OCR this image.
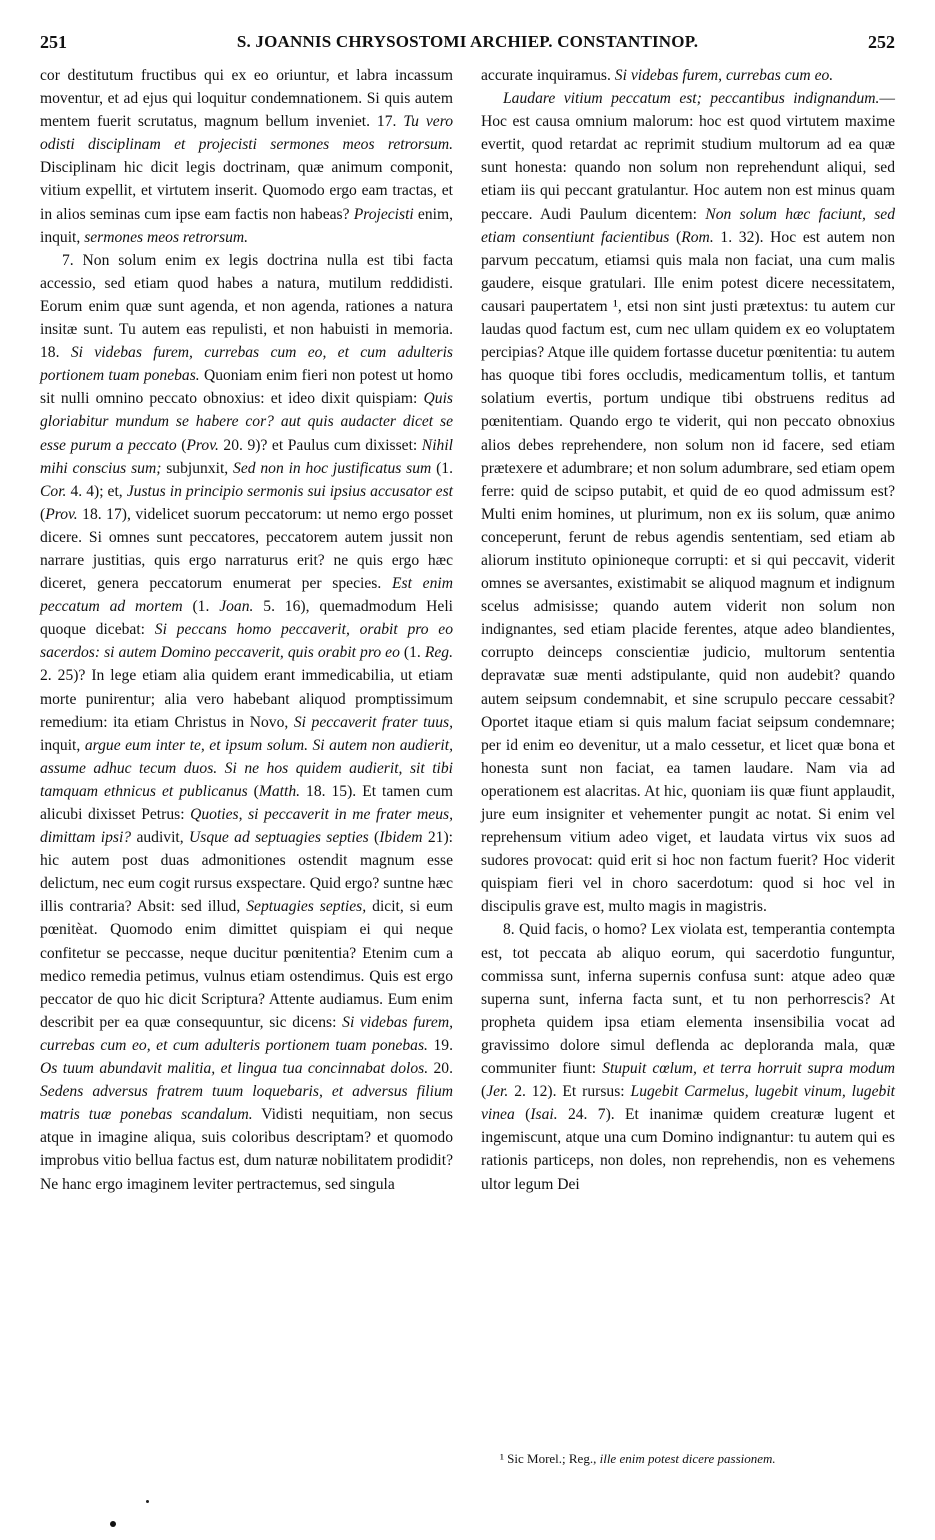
251	S. JOANNIS CHRYSOSTOMI ARCHIEP. CONSTANTINOP.	252

cor destitutum fructibus qui ex eo oriuntur, et labra incassum moventur, et ad ejus qui loquitur condemnationem. Si quis autem mentem fuerit scrutatus, magnum bellum inveniet. 17. Tu vero odisti disciplinam et projecisti sermones meos retrorsum. Disciplinam hic dicit legis doctrinam, quæ animum componit, vitium expellit, et virtutem inserit. Quomodo ergo eam tractas, et in alios seminas cum ipse eam factis non habeas? Projecisti enim, inquit, sermones meos retrorsum.

7. Non solum enim ex legis doctrina nulla est tibi facta accessio, sed etiam quod habes a natura, mutilum reddidisti. Eorum enim quæ sunt agenda, et non agenda, rationes a natura insitæ sunt. Tu autem eas repulisti, et non habuisti in memoria. 18. Si videbas furem, currebas cum eo, et cum adulteris portionem tuam ponebas. Quoniam enim fieri non potest ut homo sit nulli omnino peccato obnoxius: et ideo dixit quispiam: Quis gloriabitur mundum se habere cor? aut quis audacter dicet se esse purum a peccato (Prov. 20. 9)? et Paulus cum dixisset: Nihil mihi conscius sum; subjunxit, Sed non in hoc justificatus sum (1. Cor. 4. 4); et, Justus in principio sermonis sui ipsius accusator est (Prov. 18. 17), videlicet suorum peccatorum: ut nemo ergo posset dicere. Si omnes sunt peccatores, peccatorem autem jussit non narrare justitias, quis ergo narraturus erit? ne quis ergo hæc diceret, genera peccatorum enumerat per species. Est enim peccatum ad mortem (1. Joan. 5. 16), quemadmodum Heli quoque dicebat: Si peccans homo peccaverit, orabit pro eo sacerdos: si autem Domino peccaverit, quis orabit pro eo (1. Reg. 2. 25)? In lege etiam alia quidem erant immedicabilia, ut etiam morte punirentur; alia vero habebant aliquod promptissimum remedium: ita etiam Christus in Novo, Si peccaverit frater tuus, inquit, argue eum inter te, et ipsum solum. Si autem non audierit, assume adhuc tecum duos. Si ne hos quidem audierit, sit tibi tamquam ethnicus et publicanus (Matth. 18. 15). Et tamen cum alicubi dixisset Petrus: Quoties, si peccaverit in me frater meus, dimittam ipsi? audivit, Usque ad septuagies septies (Ibidem 21): hic autem post duas admonitiones ostendit magnum esse delictum, nec eum cogit rursus exspectare. Quid ergo? suntne hæc illis contraria? Absit: sed illud, Septuagies septies, dicit, si eum pœnitèat. Quomodo enim dimittet quispiam ei qui neque confitetur se peccasse, neque ducitur pœnitentia? Etenim cum a medico remedia petimus, vulnus etiam ostendimus. Quis est ergo peccator de quo hic dicit Scriptura? Attente audiamus. Eum enim describit per ea quæ consequuntur, sic dicens: Si videbas furem, currebas cum eo, et cum adulteris portionem tuam ponebas. 19. Os tuum abundavit malitia, et lingua tua concinnabat dolos. 20. Sedens adversus fratrem tuum loquebaris, et adversus filium matris tuæ ponebas scandalum. Vidisti nequitiam, non secus atque in imagine aliqua, suis coloribus descriptam? et quomodo improbus vitio bellua factus est, dum naturæ nobilitatem prodidit? Ne hanc ergo imaginem leviter pertractemus, sed singula

accurate inquiramus. Si videbas furem, currebas cum eo.

Laudare vitium peccatum est; peccantibus indignandum.—Hoc est causa omnium malorum: hoc est quod virtutem maxime evertit, quod retardat ac reprimit studium multorum ad ea quæ sunt honesta: quando non solum non reprehendunt aliqui, sed etiam iis qui peccant gratulantur. Hoc autem non est minus quam peccare. Audi Paulum dicentem: Non solum hæc faciunt, sed etiam consentiunt facientibus (Rom. 1. 32). Hoc est autem non parvum peccatum, etiamsi quis mala non faciat, una cum malis gaudere, eisque gratulari. Ille enim potest dicere necessitatem, causari paupertatem ¹, etsi non sint justi prætextus: tu autem cur laudas quod factum est, cum nec ullam quidem ex eo voluptatem percipias? Atque ille quidem fortasse ducetur pœnitentia: tu autem has quoque tibi fores occludis, medicamentum tollis, et tantum solatium evertis, portum undique tibi obstruens reditus ad pœnitentiam. Quando ergo te viderit, qui non peccato obnoxius alios debes reprehendere, non solum non id facere, sed etiam prætexere et adumbrare; et non solum adumbrare, sed etiam opem ferre: quid de scipso putabit, et quid de eo quod admissum est? Multi enim homines, ut plurimum, non ex iis solum, quæ animo conceperunt, ferunt de rebus agendis sententiam, sed etiam ab aliorum instituto opinioneque corrupti: et si qui peccavit, viderit omnes se aversantes, existimabit se aliquod magnum et indignum scelus admisisse; quando autem viderit non solum non indignantes, sed etiam placide ferentes, atque adeo blandientes, corrupto deinceps conscientiæ judicio, multorum sententia depravatæ suæ menti adstipulante, quid non audebit? quando autem seipsum condemnabit, et sine scrupulo peccare cessabit? Oportet itaque etiam si quis malum faciat seipsum condemnare; per id enim eo devenitur, ut a malo cessetur, et licet quæ bona et honesta sunt non faciat, ea tamen laudare. Nam via ad operationem est alacritas. At hic, quoniam iis quæ fiunt applaudit, jure eum insigniter et vehementer pungit ac notat. Si enim vel reprehensum vitium adeo viget, et laudata virtus vix suos ad sudores provocat: quid erit si hoc non factum fuerit? Hoc viderit quispiam fieri vel in choro sacerdotum: quod si hoc vel in discipulis grave est, multo magis in magistris.

8. Quid facis, o homo? Lex violata est, temperantia contempta est, tot peccata ab aliquo eorum, qui sacerdotio funguntur, commissa sunt, inferna supernis confusa sunt: atque adeo quæ superna sunt, inferna facta sunt, et tu non perhorrescis? At propheta quidem ipsa etiam elementa insensibilia vocat ad gravissimo dolore simul deflenda ac deploranda mala, quæ communiter fiunt: Stupuit cœlum, et terra horruit supra modum (Jer. 2. 12). Et rursus: Lugebit Carmelus, lugebit vinum, lugebit vinea (Isai. 24. 7). Et inanimæ quidem creaturæ lugent et ingemiscunt, atque una cum Domino indignantur: tu autem qui es rationis particeps, non doles, non reprehendis, non es vehemens ultor legum Dei

¹ Sic Morel.; Reg., ille enim potest dicere passionem.
